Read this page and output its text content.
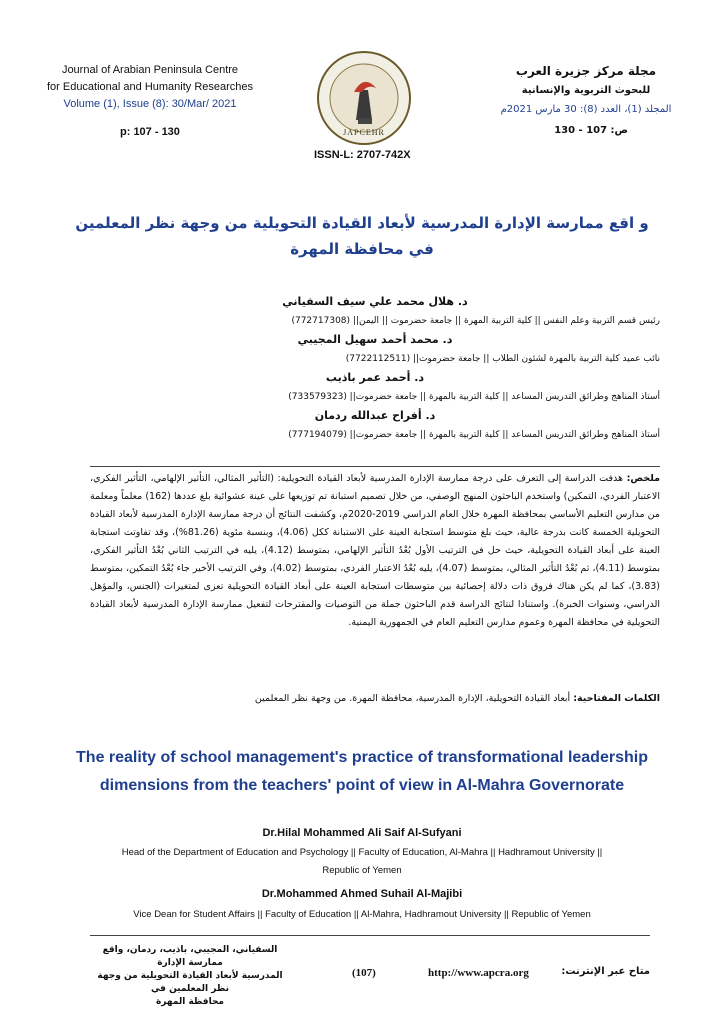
Journal of Arabian Peninsula Centre
for Educational and Humanity Researches
Volume (1), Issue (8): 30/Mar/ 2021
p: 107 - 130	JAPCEHR
ISSN-L: 2707-742X
مجلة مركز جزيرة العرب
للبحوث التربوية والإنسانية
المجلد (1)، العدد (8): 30 مارس 2021م
ص: 107 - 130
و اقع ممارسة الإدارة المدرسية لأبعاد القيادة التحويلية من وجهة نظر المعلمين
في محافظة المهرة
د. هلال محمد علي سيف السفياني
رئيس قسم التربية وعلم النفس || كلية التربية المهرة || جامعة حضرموت || اليمن|| (772717308)
د. محمد أحمد سهيل المجيبي
نائب عميد كلية التربية بالمهرة لشئون الطلاب || جامعة حضرموت|| (7722112511)
د. أحمد عمر باذيب
أستاذ المناهج وطرائق التدريس المساعد || كلية التربية بالمهرة || جامعة حضرموت|| (733579323)
د. أفراح عبدالله ردمان
أستاذ المناهج وطرائق التدريس المساعد || كلية التربية بالمهرة || جامعة حضرموت|| (777194079)
ملخص: هدفت الدراسة إلى التعرف على درجة ممارسة الإدارة المدرسية لأبعاد القيادة التحويلية: (التأثير المثالي، التأثير الإلهامي، التأثير الفكري، الاعتبار الفردي، التمكين) واستخدم الباحثون المنهج الوصفي، من خلال تصميم استبانة تم توزيعها على عينة عشوائية بلغ عددها (162) معلماً ومعلمة من مدارس التعليم الأساسي بمحافظة المهرة خلال العام الدراسي 2019-2020م، وكشفت النتائج أن درجة ممارسة الإدارة المدرسية لأبعاد القيادة التحويلية الخمسة كانت بدرجة عالية، حيث بلغ متوسط استجابة العينة على الاستبانة ككل (4.06)، وبنسبة مئوية (81.26%)، وقد تفاوتت استجابة العينة على أبعاد القيادة التحويلية، حيث حل في الترتيب الأول بُعْدُ التأثير الإلهامي، بمتوسط (4.12)، يليه في الترتيب الثاني بُعْدُ التأثير الفكري، بمتوسط (4.11)، ثم بُعْدُ التأثير المثالي، بمتوسط (4.07)، يليه بُعْدُ الاعتبار الفردي، بمتوسط (4.02)، وفي الترتيب الأخير جاء بُعْدُ التمكين، بمتوسط (3.83)، كما لم يكن هناك فروق ذات دلالة إحصائية بين متوسطات استجابة العينة على أبعاد القيادة التحويلية تعزى لمتغيرات (الجنس، والمؤهل الدراسي، وسنوات الخبرة). واستنادا لنتائج الدراسة قدم الباحثون جملة من التوصيات والمقترحات لتفعيل ممارسة الإدارة المدرسية لأبعاد القيادة التحويلية في محافظة المهرة وعموم مدارس التعليم العام في الجمهورية اليمنية.
الكلمات المفتاحية: أبعاد القيادة التحويلية، الإدارة المدرسية، محافظة المهرة. من وجهة نظر المعلمين
The reality of school management's practice of transformational leadership
dimensions from the teachers' point of view in Al-Mahra Governorate
Dr.Hilal Mohammed Ali Saif Al-Sufyani
Head of the Department of Education and Psychology || Faculty of Education, Al-Mahra || Hadhramout University ||
Republic of Yemen
Dr.Mohammed Ahmed Suhail Al-Majibi
Vice Dean for Student Affairs || Faculty of Education || Al-Mahra, Hadhramout University || Republic of Yemen
السفياني، المجيبي، باذيب، ردمان، واقع ممارسة الإدارة
المدرسية لأبعاد القيادة التحويلية من وجهة نظر المعلمين في
محافظة المهرة
(107)	http://www.apcra.org	متاح عبر الإنترنت:
